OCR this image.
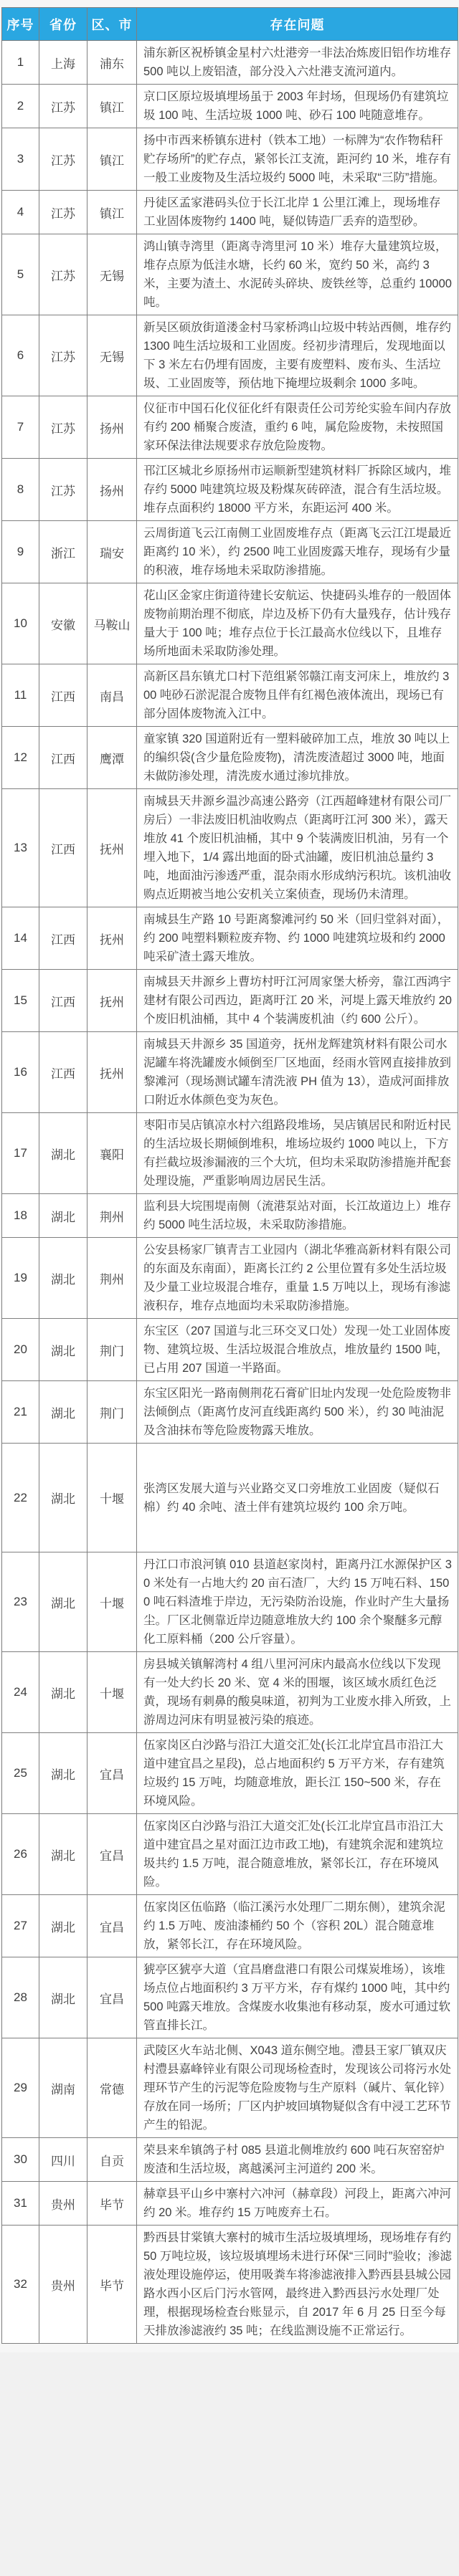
序号	省份	区、市	存在问题
1	上海	浦东	浦东新区祝桥镇金星村六灶港旁一非法冶炼废旧铝作坊堆存 500 吨以上废铝渣，部分没入六灶港支流河道内。
2	江苏	镇江	京口区原垃圾填埋场虽于 2003 年封场，但现场仍有建筑垃圾 100 吨、生活垃圾 1000 吨、砂石 100 吨随意堆存。
3	江苏	镇江	扬中市西来桥镇东进村（铁本工地）一标牌为“农作物秸秆贮存场所”的贮存点，紧邻长江支流，距河约 10 米，堆存有一般工业废物及生活垃圾约 5000 吨，未采取“三防”措施。
4	江苏	镇江	丹徒区孟家港码头位于长江北岸 1 公里江滩上，现场堆存工业固体废物约 1400 吨，疑似铸造厂丢弃的造型砂。
5	江苏	无锡	鸿山镇寺湾里（距离寺湾里河 10 米）堆存大量建筑垃圾，堆存点原为低洼水塘，长约 60 米，宽约 50 米，高约 3 米，主要为渣土、水泥砖头碎块、废铁丝等，总重约 10000 吨。
6	江苏	无锡	新吴区硕放街道溇金村马家桥鸿山垃圾中转站西侧，堆存约 1300 吨生活垃圾和工业固废。经初步清理后，发现地面以下 3 米左右仍埋有固废，主要有废塑料、废布头、生活垃圾、工业固废等，预估地下掩埋垃圾剩余 1000 多吨。
7	江苏	扬州	仪征市中国石化仪征化纤有限责任公司芳纶实验车间内存放有约 200 桶聚合废渣，重约 6 吨，属危险废物，未按照国家环保法律法规要求存放危险废物。
8	江苏	扬州	邗江区城北乡原扬州市运顺新型建筑材料厂拆除区域内，堆存约 5000 吨建筑垃圾及粉煤灰砖碎渣，混合有生活垃圾。堆存点面积约 18000 平方米，东距运河 400 米。
9	浙江	瑞安	云周街道飞云江南侧工业固废堆存点（距离飞云江江堤最近距离约 10 米），约 2500 吨工业固废露天堆存，现场有少量的积液，堆存场地未采取防渗措施。
10	安徽	马鞍山	花山区金家庄街道待建长安航运、快捷码头堆存的一般固体废物前期治理不彻底，岸边及桥下仍有大量残存，估计残存量大于 100 吨；堆存点位于长江最高水位线以下，且堆存场所地面未采取防渗处理。
11	江西	南昌	高新区昌东镇尤口村下范组紧邻赣江南支河床上，堆放约 300 吨砂石淤泥混合废物且伴有红褐色液体流出，现场已有部分固体废物流入江中。
12	江西	鹰潭	童家镇 320 国道附近有一塑料破碎加工点，堆放 30 吨以上的编织袋(含少量危险废物)，清洗废渣超过 3000 吨，地面未做防渗处理，清洗废水通过渗坑排放。
13	江西	抚州	南城县天井源乡温沙高速公路旁（江西超峰建材有限公司厂房后）一非法废旧机油收购点（距离旴江河 300 米），露天堆放 41 个废旧机油桶，其中 9 个装满废旧机油，另有一个埋入地下，1/4 露出地面的卧式油罐，废旧机油总量约 3 吨，地面油污渗透严重，混杂雨水形成纳污积坑。该机油收购点近期被当地公安机关立案侦查，现场仍未清理。
14	江西	抚州	南城县生产路 10 号距离黎滩河约 50 米（回归堂斜对面），约 200 吨塑料颗粒废弃物、约 1000 吨建筑垃圾和约 2000 吨采矿渣土露天堆放。
15	江西	抚州	南城县天井源乡上曹坊村旴江河周家堡大桥旁，靠江西鸿宇建材有限公司西边，距离旴江 20 米，河堤上露天堆放约 20 个废旧机油桶，其中 4 个装满废机油（约 600 公斤）。
16	江西	抚州	南城县天井源乡 35 国道旁，抚州龙辉建筑材料有限公司水泥罐车将洗罐废水倾倒至厂区地面，经雨水管网直接排放到黎滩河（现场测试罐车清洗液 PH 值为 13），造成河面排放口附近水体颜色变为灰色。
17	湖北	襄阳	枣阳市吴店镇凉水村六组路段堆场，吴店镇居民和附近村民的生活垃圾长期倾倒堆积，堆场垃圾约 1000 吨以上，下方有拦截垃圾渗漏液的三个大坑，但均未采取防渗措施并配套处理设施，严重影响周边居民生活。
18	湖北	荆州	监利县大垸围堤南侧（流港泵站对面，长江故道边上）堆存约 5000 吨生活垃圾，未采取防渗措施。
19	湖北	荆州	公安县杨家厂镇青吉工业园内（湖北华雅高新材料有限公司的东面及东南面），距离长江约 2 公里位置有多处生活垃圾及少量工业垃圾混合堆存，重量 1.5 万吨以上，现场有渗滤液积存，堆存点地面均未采取防渗措施。
20	湖北	荆门	东宝区（207 国道与北三环交叉口处）发现一处工业固体废物、建筑垃圾、生活垃圾混合堆放点，堆放量约 1500 吨，已占用 207 国道一半路面。
21	湖北	荆门	东宝区阳光一路南侧荆花石膏矿旧址内发现一处危险废物非法倾倒点（距离竹皮河直线距离约 500 米），约 30 吨油泥及含油抹布等危险废物露天堆放。
22	湖北	十堰	张湾区发展大道与兴业路交叉口旁堆放工业固废（疑似石棉）约 40 余吨、渣土伴有建筑垃圾约 100 余万吨。
23	湖北	十堰	丹江口市浪河镇 010 县道赵家岗村，距离丹江水源保护区 30 米处有一占地大约 20 亩石渣厂，大约 15 万吨石料、1500 吨石料渣堆于岸边，无污染防治设施，作业时产生大量扬尘。厂区北侧靠近岸边随意堆放大约 100 余个聚醚多元醇化工原料桶（200 公斤容量）。
24	湖北	十堰	房县城关镇解湾村 4 组八里河河床内最高水位线以下发现有一处大约长 20 米、宽 4 米的围堰，该区域水质红色泛黄，现场有刺鼻的酸臭味道，初判为工业废水排入所致，上游周边河床有明显被污染的痕迹。
25	湖北	宜昌	伍家岗区白沙路与沿江大道交汇处(长江北岸宜昌市沿江大道中建宜昌之星段)，总占地面积约 5 万平方米，存有建筑垃圾约 15 万吨，均随意堆放，距长江 150~500 米，存在环境风险。
26	湖北	宜昌	伍家岗区白沙路与沿江大道交汇处(长江北岸宜昌市沿江大道中建宜昌之星对面江边市政工地)，有建筑余泥和建筑垃圾共约 1.5 万吨，混合随意堆放，紧邻长江，存在环境风险。
27	湖北	宜昌	伍家岗区伍临路（临江溪污水处理厂二期东侧），建筑余泥约 1.5 万吨、废油漆桶约 50 个（容积 20L）混合随意堆放，紧邻长江，存在环境风险。
28	湖北	宜昌	猇亭区猇亭大道（宜昌磨盘港口有限公司煤炭堆场），该堆场点位占地面积约 3 万平方米，存有煤约 1000 吨，其中约 500 吨露天堆放。含煤废水收集池有移动泵，废水可通过软管直排长江。
29	湖南	常德	武陵区火车站北侧、X043 道东侧空地。澧县王家厂镇双庆村澧县嘉峰锌业有限公司现场检查时，发现该公司将污水处理环节产生的污泥等危险废物与生产原料（碱片、氧化锌）存放在同一场所；厂区内护坡回填物疑似含有中浸工艺环节产生的铅泥。
30	四川	自贡	荣县来牟镇鸽子村 085 县道北侧堆放约 600 吨石灰窑窑炉废渣和生活垃圾，离越溪河主河道约 200 米。
31	贵州	毕节	赫章县平山乡中寨村六冲河（赫章段）河段上，距离六冲河约 20 米。堆存约 15 万吨废弃土石。
32	贵州	毕节	黔西县甘棠镇大寨村的城市生活垃圾填埋场，现场堆存有约 50 万吨垃圾，该垃圾填埋场未进行环保“三同时”验收；渗滤液处理设施停运，使用吸粪车将渗滤液排入黔西县县城公园路水西小区后门污水管网，最终进入黔西县污水处理厂处理，根据现场检查台账显示，自 2017 年 6 月 25 日至今每天排放渗滤液约 35 吨；在线监测设施不正常运行。
